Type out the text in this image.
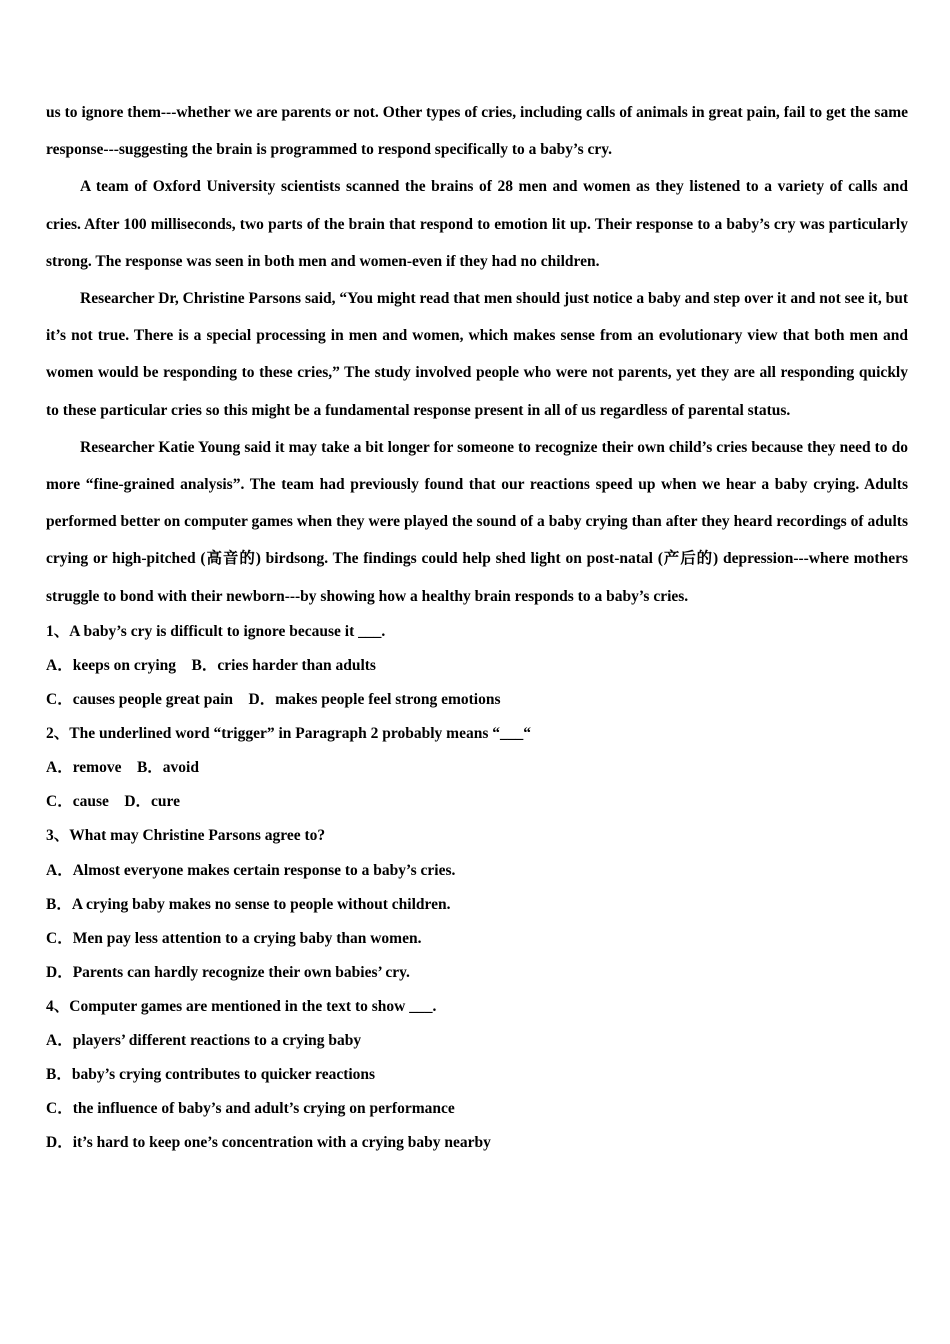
us to ignore them---whether we are parents or not. Other types of cries, including calls of animals in great pain, fail to get the same response---suggesting the brain is programmed to respond specifically to a baby’s cry.

A team of Oxford University scientists scanned the brains of 28 men and women as they listened to a variety of calls and cries. After 100 milliseconds, two parts of the brain that respond to emotion lit up. Their response to a baby’s cry was particularly strong. The response was seen in both men and women-even if they had no children.

Researcher Dr, Christine Parsons said, “You might read that men should just notice a baby and step over it and not see it, but it’s not true. There is a special processing in men and women, which makes sense from an evolutionary view that both men and women would be responding to these cries,” The study involved people who were not parents, yet they are all responding quickly to these particular cries so this might be a fundamental response present in all of us regardless of parental status.

Researcher Katie Young said it may take a bit longer for someone to recognize their own child’s cries because they need to do more “fine-grained analysis”. The team had previously found that our reactions speed up when we hear a baby crying. Adults performed better on computer games when they were played the sound of a baby crying than after they heard recordings of adults crying or high-pitched (高音的) birdsong. The findings could help shed light on post-natal (产后的) depression---where mothers struggle to bond with their newborn---by showing how a healthy brain responds to a baby’s cries.

1、A baby’s cry is difficult to ignore because it ___.

A．keeps on crying    B．cries harder than adults

C．causes people great pain    D．makes people feel strong emotions

2、The underlined word “trigger” in Paragraph 2 probably means “___“

A．remove    B．avoid

C．cause    D．cure

3、What may Christine Parsons agree to?

A．Almost everyone makes certain response to a baby’s cries.

B．A crying baby makes no sense to people without children.

C．Men pay less attention to a crying baby than women.

D．Parents can hardly recognize their own babies’ cry.

4、Computer games are mentioned in the text to show ___.

A．players’ different reactions to a crying baby

B．baby’s crying contributes to quicker reactions

C．the influence of baby’s and adult’s crying on performance

D．it’s hard to keep one’s concentration with a crying baby nearby
